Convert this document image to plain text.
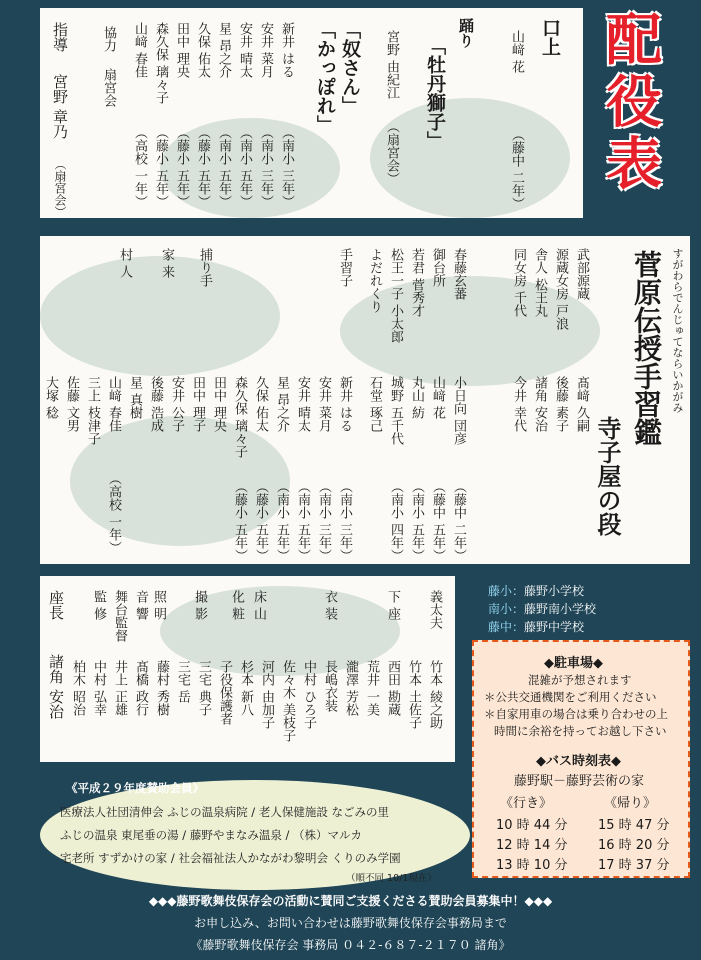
配役表
口上
山﨑 花
（藤中 二年）
踊り
宮野 由紀江
（扇宮会）
「牡丹獅子」
「奴さん」
「かっぽれ」
新井 はる
（南小 三年）
安井 菜月
（南小 三年）
安井 晴太
（南小 五年）
星 昂之介
（南小 五年）
久保 佑太
（藤小 五年）
田中 理央
（藤小 五年）
森久保 璃々子
（藤小 五年）
山﨑 春佳
（高校 一年）
協力
扇宮会
指導
宮野 章乃
（扇宮会）
すがわらでんじゅてならいかがみ
菅原伝授手習鑑
寺子屋の段
武部源蔵
髙﨑 久嗣
源蔵女房 戸浪
後藤 素子
舎人 松王丸
諸角 安治
同女房 千代
今井 幸代
春藤玄蕃
小日向 団彦
（藤中 二年）
御台所
山﨑 花
（藤中 五年）
若君 菅秀才
丸山 紡
（南小 五年）
松王一子 小太郎
城野 五千代
（南小 四年）
よだれくり
石堂 琢己
手習子
新井 はる
（南小 三年）
安井 菜月
（南小 三年）
安井 晴太
（南小 五年）
星 昂之介
（南小 五年）
久保 佑太
（藤小 五年）
森久保 璃々子
（藤小 五年）
捕り手
田中 理央
田中 理子
安井 公子
家 来
後藤 浩成
星 真樹
山﨑 春佳
（高校 一年）
三上 枝津子
村 人
佐藤 文男
大塚 稔
義太夫
竹本 綾之助
竹本 土佐子
下 座
西田 勘蔵
荒井 一美
瀧澤 芳松
衣 装
長嶋衣装
中村 ひろ子
佐々木 美枝子
河内 由加子
床 山
杉本 新八
化 粧
子役保護者
三宅 典子
撮 影
三宅 岳
藤村 秀樹
照 明
髙橋 政行
音 響
井上 正雄
舞台監督
中村 弘幸
監 修
柏木 昭治
座長
諸角 安治
藤小：藤野小学校
南小：藤野南小学校
藤中：藤野中学校
◆駐車場◆
混雑が予想されます
＊公共交通機関をご利用ください
＊自家用車の場合は乗り合わせの上
時間に余裕を持ってお越し下さい
◆バス時刻表◆
藤野駅－藤野芸術の家
《行き》	《帰り》
10 時 44 分
12 時 14 分
13 時 10 分
15 時 47 分
16 時 20 分
17 時 37 分
《平成２９年度賛助会員》
医療法人社団清伸会 ふじの温泉病院 / 老人保健施設 なごみの里
ふじの温泉 東尾垂の湯 / 藤野やまなみ温泉 / （株）マルカ
宅老所 すずかけの家 / 社会福祉法人かながわ黎明会 くりのみ学園
（順不同 10/1現在）
◆◆◆藤野歌舞伎保存会の活動に賛同ご支援くださる賛助会員募集中！◆◆◆
お申し込み、お問い合わせは藤野歌舞伎保存会事務局まで
《藤野歌舞伎保存会 事務局 ０４２-６８７-２１７０ 諸角》
